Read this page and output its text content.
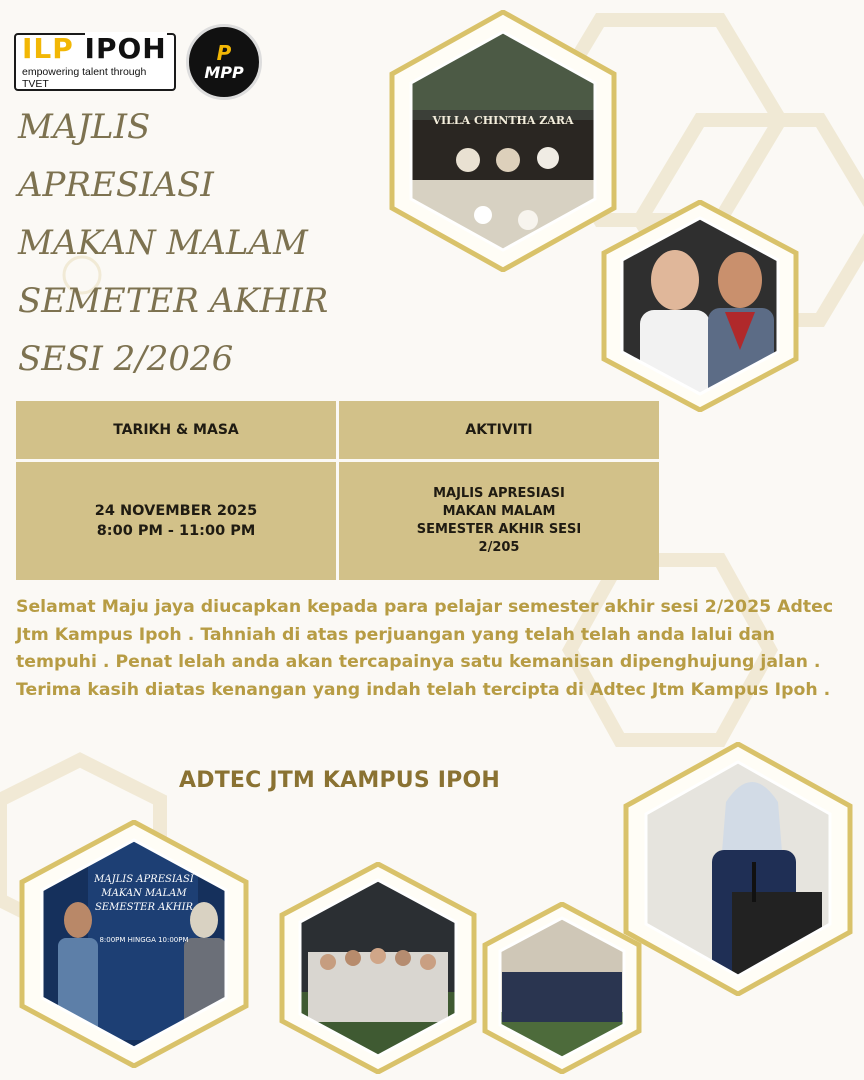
ILP IPOH
empowering talent through TVET
P
MPP
MAJLIS
APRESIASI
MAKAN MALAM
SEMETER AKHIR
SESI 2/2026
VILLA CHINTHA ZARA
TARIKH & MASA	AKTIVITI
24 NOVEMBER 2025
8:00 PM - 11:00 PM
MAJLIS APRESIASI
MAKAN MALAM
SEMESTER AKHIR SESI
2/205
Selamat Maju jaya diucapkan kepada para pelajar semester akhir sesi 2/2025 Adtec Jtm Kampus Ipoh . Tahniah di atas perjuangan yang telah telah anda lalui dan tempuhi . Penat lelah anda akan tercapainya satu kemanisan dipenghujung jalan . Terima kasih diatas kenangan yang indah telah tercipta di Adtec Jtm Kampus Ipoh .
ADTEC JTM KAMPUS IPOH
MAJLIS APRESIASI
MAKAN MALAM
SEMESTER AKHIR
8:00PM HINGGA 10:00PM
